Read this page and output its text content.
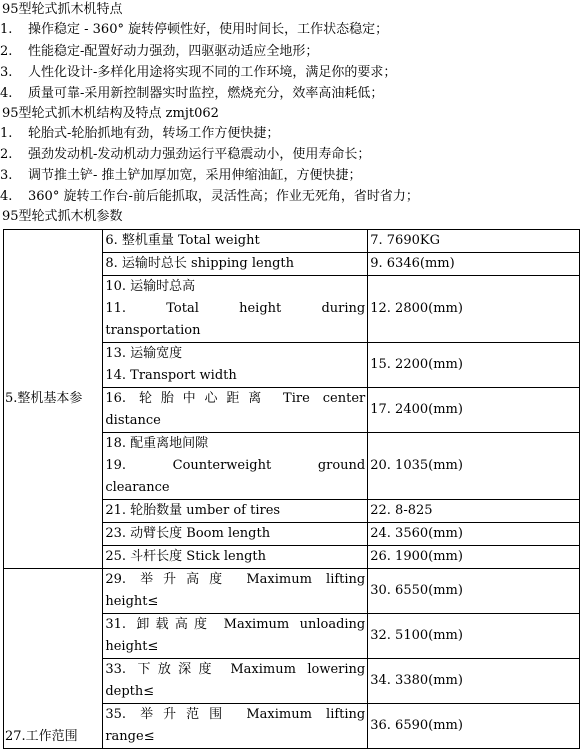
95型轮式抓木机特点
1. 操作稳定 - 360° 旋转停顿性好，使用时间长，工作状态稳定；
2. 性能稳定-配置好动力强劲，四驱驱动适应全地形；
3. 人性化设计-多样化用途将实现不同的工作环境，满足你的要求；
4. 质量可靠-采用新控制器实时监控，燃烧充分，效率高油耗低；
95型轮式抓木机结构及特点 zmjt062
1. 轮胎式-轮胎抓地有劲，转场工作方便快捷；
2. 强劲发动机-发动机动力强劲运行平稳震动小，使用寿命长；
3. 调节推土铲- 推土铲加厚加宽，采用伸缩油缸，方便快捷；
4. 360° 旋转工作台-前后能抓取，灵活性高；作业无死角，省时省力；
95型轮式抓木机参数
5.整机基本参	6. 整机重量 Total weight	7. 7690KG

	8. 运输时总长 shipping length	9. 6346(mm)

	10. 运输时总高
11. Total height during
transportation	12. 2800(mm)

	13. 运输宽度
14. Transport width	15. 2200(mm)

	16. 轮胎中心距离 Tire center
distance	17. 2400(mm)

	18. 配重离地间隙
19. Counterweight ground
clearance	20. 1035(mm)

	21. 轮胎数量 umber of tires	22. 8-825

	23. 动臂长度 Boom length	24. 3560(mm)

	25. 斗杆长度 Stick length	26. 1900(mm)
27.工作范围	29. 举升高度 Maximum lifting
height≤	30. 6550(mm)

	31. 卸载高度 Maximum unloading
height≤	32. 5100(mm)

	33. 下放深度 Maximum lowering
depth≤	34. 3380(mm)

	35. 举升范围 Maximum lifting
range≤	36. 6590(mm)
